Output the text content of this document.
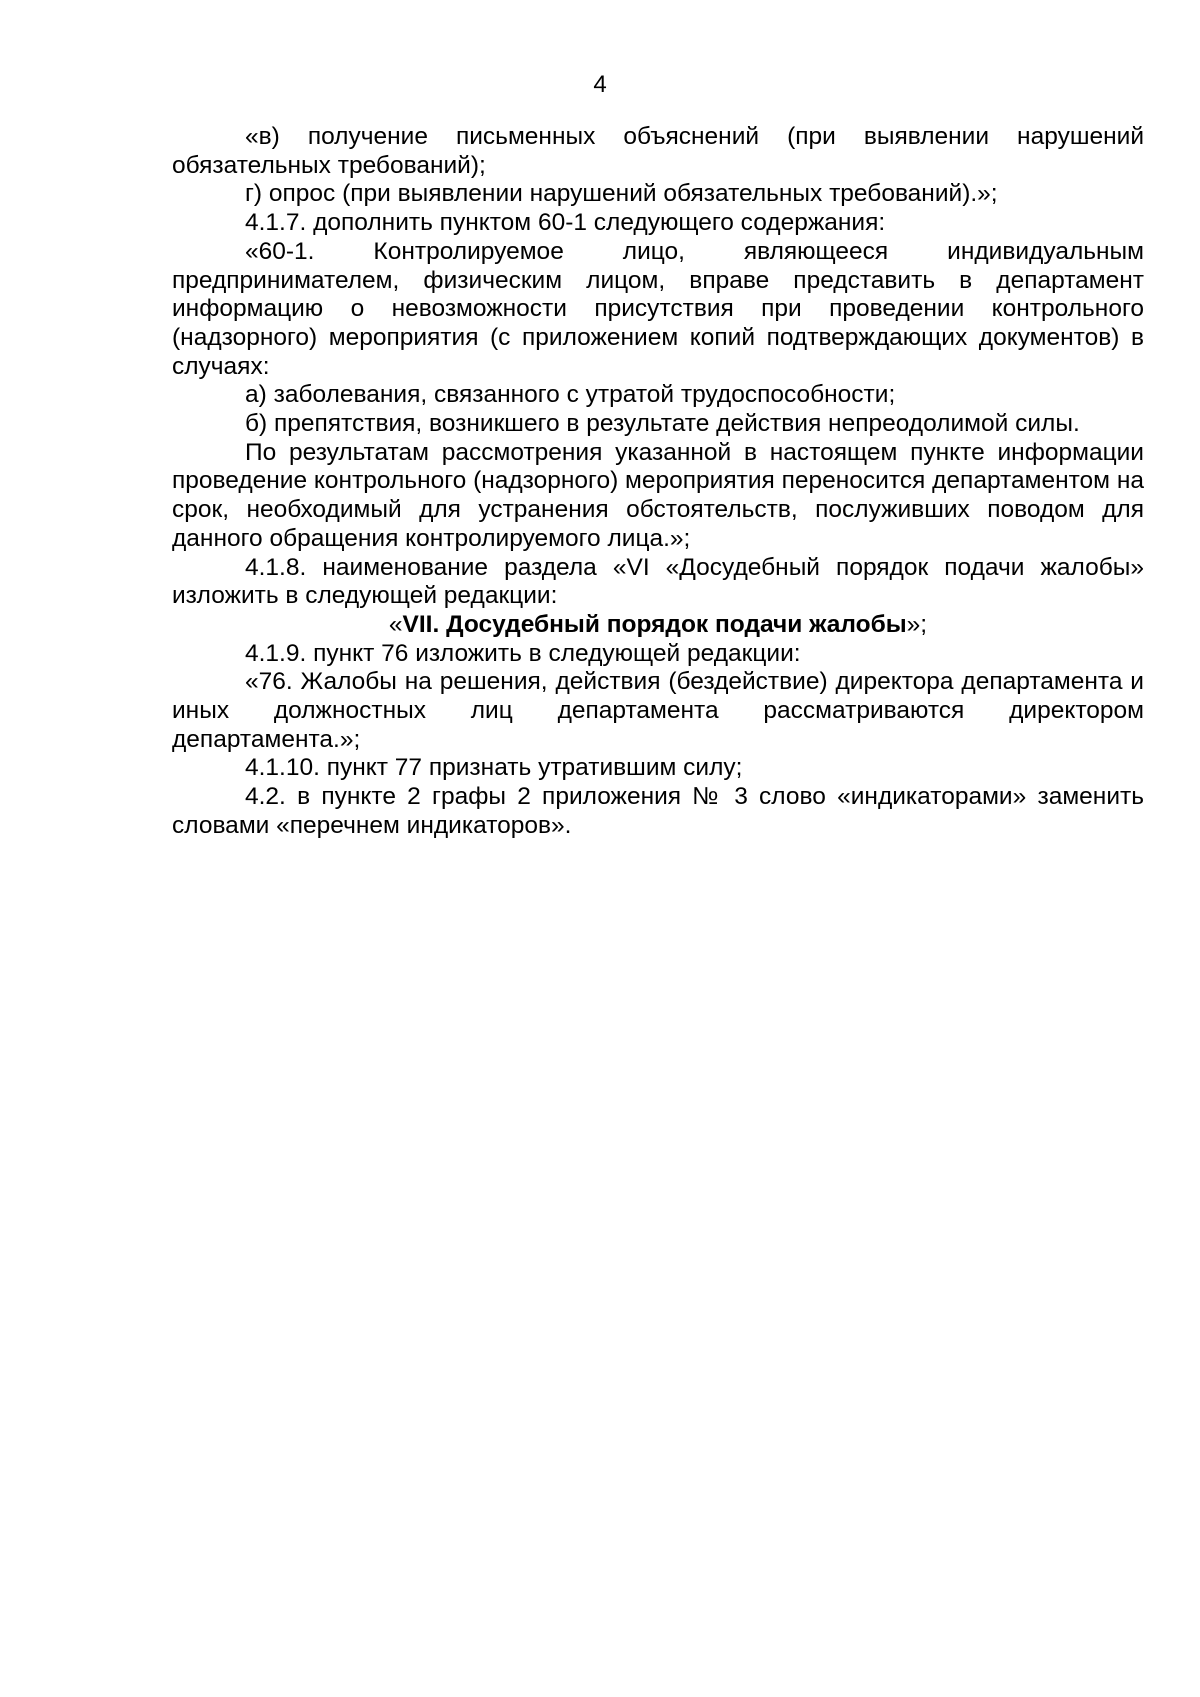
4

«в) получение письменных объяснений (при выявлении нарушений обязательных требований);

г) опрос (при выявлении нарушений обязательных требований).»;

4.1.7. дополнить пунктом 60-1 следующего содержания:

«60-1. Контролируемое лицо, являющееся индивидуальным предпринимателем, физическим лицом, вправе представить в департамент информацию о невозможности присутствия при проведении контрольного (надзорного) мероприятия (с приложением копий подтверждающих документов) в случаях:

а) заболевания, связанного с утратой трудоспособности;

б) препятствия, возникшего в результате действия непреодолимой силы.

По результатам рассмотрения указанной в настоящем пункте информации проведение контрольного (надзорного) мероприятия переносится департаментом на срок, необходимый для устранения обстоятельств, послуживших поводом для данного обращения контролируемого лица.»;

4.1.8. наименование раздела «VI «Досудебный порядок подачи жалобы» изложить в следующей редакции:

«VII. Досудебный порядок подачи жалобы»;

4.1.9. пункт 76 изложить в следующей редакции:

«76. Жалобы на решения, действия (бездействие) директора департамента и иных должностных лиц департамента рассматриваются директором департамента.»;

4.1.10. пункт 77 признать утратившим силу;

4.2. в пункте 2 графы 2 приложения № 3 слово «индикаторами» заменить словами «перечнем индикаторов».
